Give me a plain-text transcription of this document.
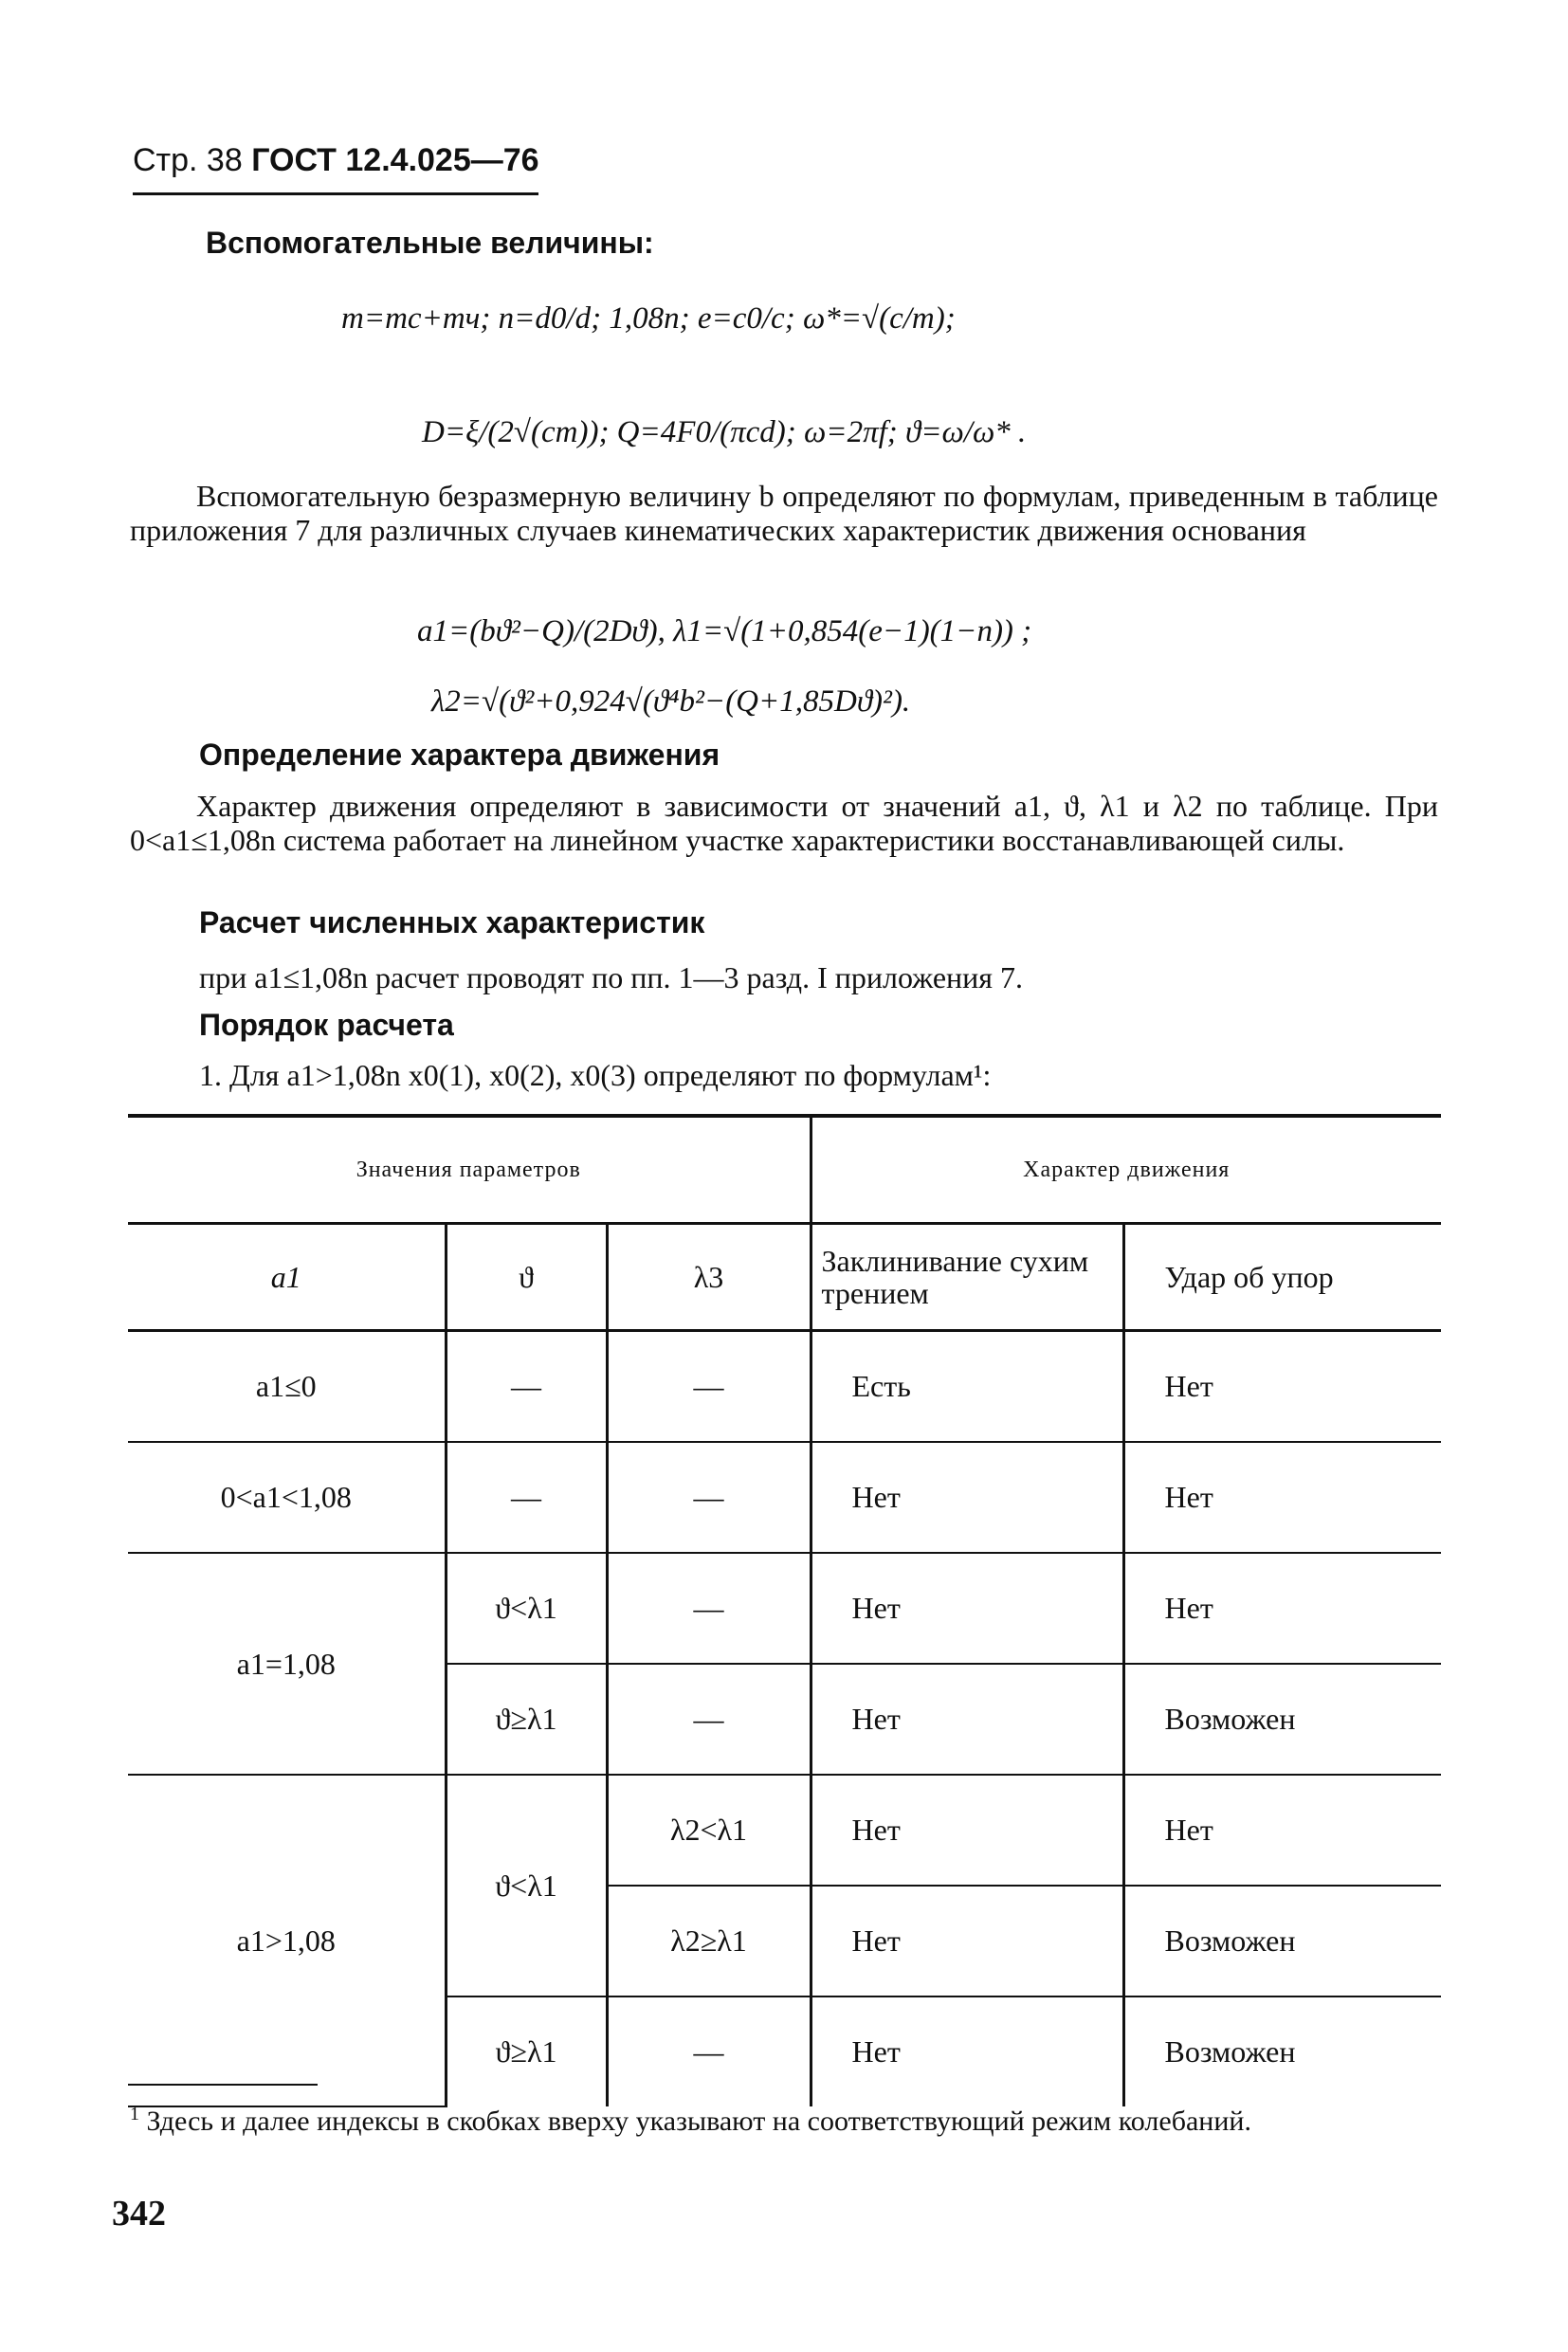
Стр. 38 ГОСТ 12.4.025—76
Вспомогательные величины:
m=mc+mч; n=d0/d; 1,08n; e=c0/c; ω*=√(c/m);
D=ξ/(2√(cm)); Q=4F0/(πcd); ω=2πf; ϑ=ω/ω* .
Вспомогательную безразмерную величину b определяют по формулам, приведенным в таблице приложения 7 для различных случаев кинематических характеристик движения основания
a1=(bϑ²−Q)/(2Dϑ), λ1=√(1+0,854(e−1)(1−n)) ;
λ2=√(ϑ²+0,924√(ϑ⁴b²−(Q+1,85Dϑ)²).
Определение характера движения
Характер движения определяют в зависимости от значений a1, ϑ, λ1 и λ2 по таблице. При 0<a1≤1,08n система работает на линейном участке характеристики восстанавливающей силы.
Расчет численных характеристик
при a1≤1,08n расчет проводят по пп. 1—3 разд. I приложения 7.
Порядок расчета
1. Для a1>1,08n x0(1), x0(2), x0(3) определяют по формулам¹:
Значения параметров			Характер движения	
a1	ϑ	λ3	Заклинивание сухим трением	Удар об упор
a1≤0	—	—	Есть	Нет
0<a1<1,08	—	—	Нет	Нет
a1=1,08	ϑ<λ1	—	Нет	Нет
	ϑ≥λ1	—	Нет	Возможен
a1>1,08	ϑ<λ1	λ2<λ1	Нет	Нет
		λ2≥λ1	Нет	Возможен
	ϑ≥λ1	—	Нет	Возможен
$^1$ Здесь и далее индексы в скобках вверху указывают на соответствующий режим колебаний.
342
